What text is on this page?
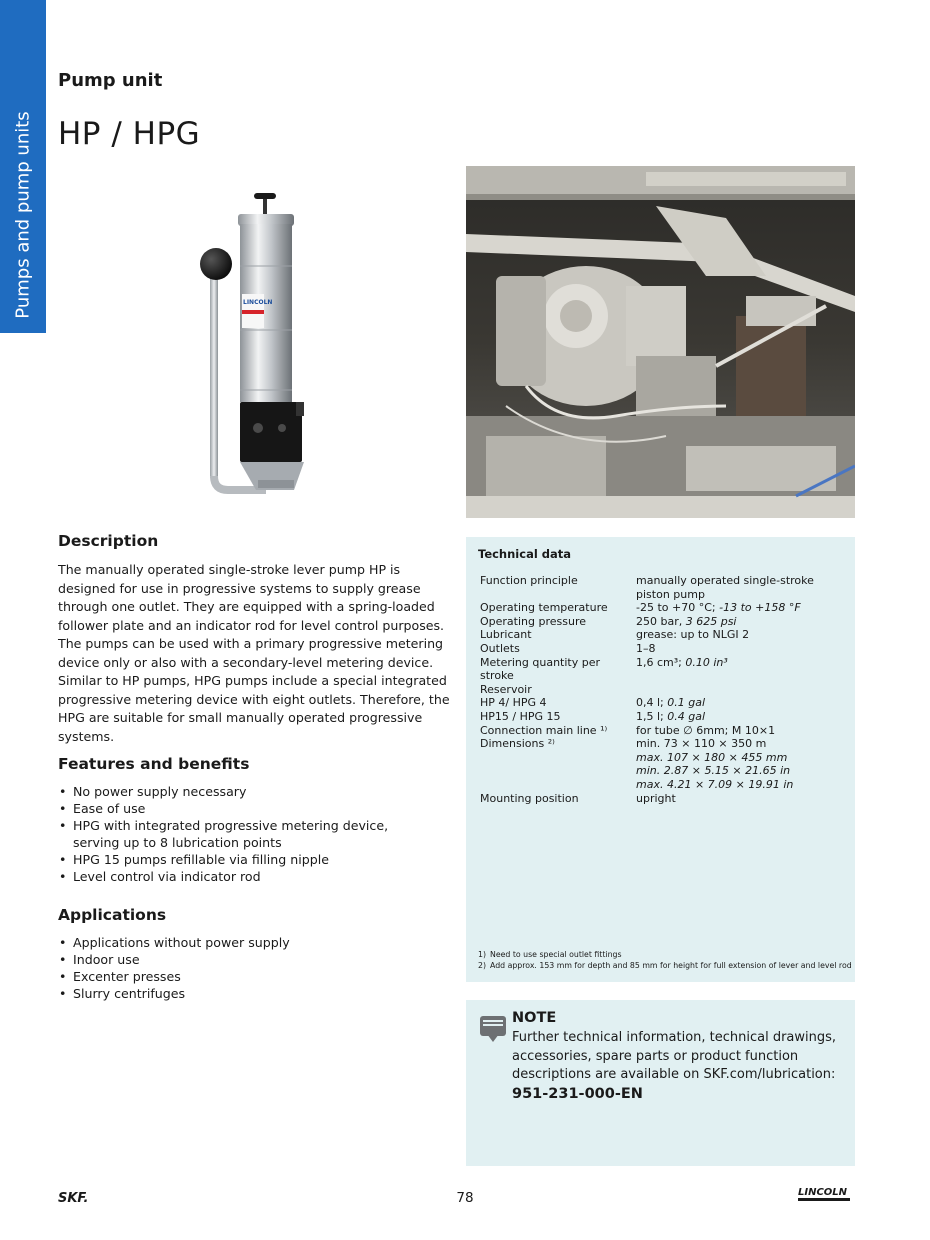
Pumps and pump units
Pump unit
HP / HPG
LINCOLN
Description

The manually operated single-stroke lever pump HP is designed for use in progressive systems to supply grease through one outlet. They are equipped with a spring-loaded follower plate and an indicator rod for level control purposes. The pumps can be used with a primary progressive metering device only or also with a secondary-level metering device. Similar to HP pumps, HPG pumps include a special integrated progressive metering device with eight outlets. Therefore, the HPG are suitable for small manually operated progressive systems.

Features and benefits
• No power supply necessary
• Ease of use
• HPG with integrated progressive metering device,
serving up to 8 lubrication points
• HPG 15 pumps refillable via filling nipple
• Level control via indicator rod
Applications
• Applications without power supply
• Indoor use
• Excenter presses
• Slurry centrifuges
Technical data
Function principle	manually operated single-stroke
	piston pump
Operating temperature	-25 to +70 °C; -13 to +158 °F
Operating pressure	250 bar, 3 625 psi
Lubricant	grease: up to NLGI 2
Outlets	1–8
Metering quantity per stroke	1,6 cm³; 0.10 in³
Reservoir	
HP 4/ HPG 4	0,4 l; 0.1 gal
HP15 / HPG 15	1,5 l; 0.4 gal
Connection main line ¹⁾	for tube ∅ 6mm; M 10×1
Dimensions ²⁾	min. 73 × 110 × 350 m
	max. 107 × 180 × 455 mm
	min. 2.87 × 5.15 × 21.65 in
	max. 4.21 × 7.09 × 19.91 in
Mounting position	upright
1) Need to use special outlet fittings
2) Add approx. 153 mm for depth and 85 mm for height for full extension of lever and level rod
NOTE
Further technical information, technical drawings, accessories, spare parts or product function descriptions are available on SKF.com/lubrication:
951-231-000-EN
SKF.	78	LINCOLN
